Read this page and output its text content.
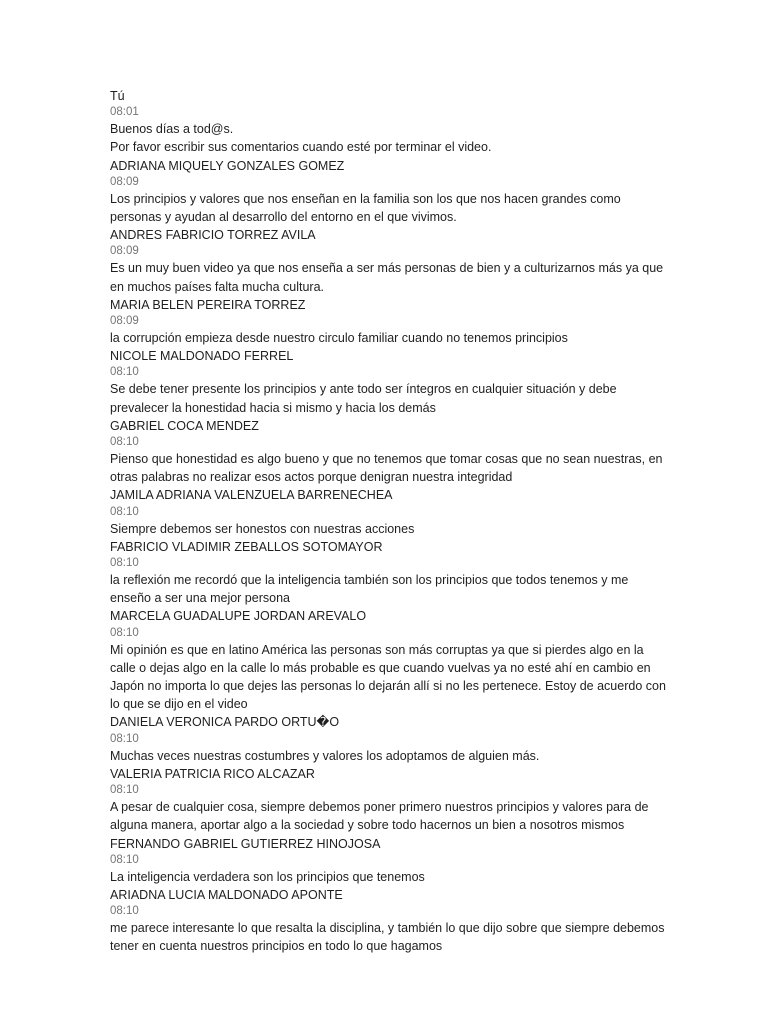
Tú
08:01
Buenos días a tod@s.
Por favor escribir sus comentarios cuando esté por terminar el video.
ADRIANA MIQUELY GONZALES GOMEZ
08:09
Los principios y valores que nos enseñan en la familia son los que nos hacen grandes como personas y ayudan al desarrollo del entorno en el que vivimos.
ANDRES FABRICIO TORREZ AVILA
08:09
Es un muy buen video ya que nos enseña a ser más personas de bien y a culturizarnos más ya que en muchos países falta mucha cultura.
MARIA BELEN PEREIRA TORREZ
08:09
la corrupción empieza desde nuestro circulo familiar cuando no tenemos principios
NICOLE MALDONADO FERREL
08:10
Se debe tener presente los principios y ante todo ser íntegros en cualquier situación y debe prevalecer la honestidad hacia si mismo y hacia los demás
GABRIEL COCA MENDEZ
08:10
Pienso que honestidad es algo bueno y que no tenemos que tomar cosas que no sean nuestras, en otras palabras no realizar esos actos porque denigran nuestra integridad
JAMILA ADRIANA VALENZUELA BARRENECHEA
08:10
Siempre debemos ser honestos con nuestras acciones
FABRICIO VLADIMIR ZEBALLOS SOTOMAYOR
08:10
la reflexión me recordó que la inteligencia también son los principios que todos tenemos y me enseño a ser una mejor persona
MARCELA GUADALUPE JORDAN AREVALO
08:10
Mi opinión es que en latino América las personas son más corruptas ya que si pierdes algo en la calle o dejas algo en la calle lo más probable es que cuando vuelvas ya no esté ahí en cambio en Japón no importa lo que dejes las personas lo dejarán allí si no les pertenece. Estoy de acuerdo con lo que se dijo en el video
DANIELA VERONICA PARDO ORTU�O
08:10
Muchas veces nuestras costumbres y valores los adoptamos de alguien más.
VALERIA PATRICIA RICO ALCAZAR
08:10
A pesar de cualquier cosa, siempre debemos poner primero nuestros principios y valores para de alguna manera, aportar algo a la sociedad y sobre todo hacernos un bien a nosotros mismos
FERNANDO GABRIEL GUTIERREZ HINOJOSA
08:10
La inteligencia verdadera son los principios que tenemos
ARIADNA LUCIA MALDONADO APONTE
08:10
me parece interesante lo que resalta la disciplina, y también lo que dijo sobre que siempre debemos tener en cuenta nuestros principios en todo lo que hagamos
